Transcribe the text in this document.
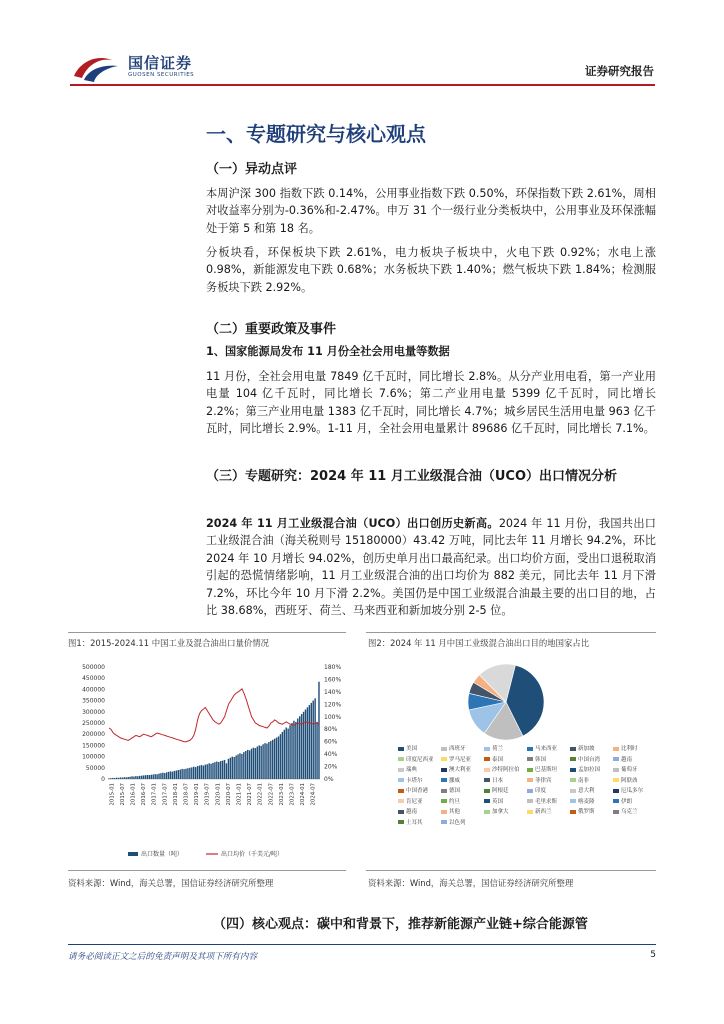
国信证券
GUOSEN SECURITIES	证券研究报告
一、专题研究与核心观点
（一）异动点评
本周沪深 300 指数下跌 0.14%，公用事业指数下跌 0.50%，环保指数下跌 2.61%，周相对收益率分别为-0.36%和-2.47%。申万 31 个一级行业分类板块中，公用事业及环保涨幅处于第 5 和第 18 名。
分板块看，环保板块下跌 2.61%，电力板块子板块中，火电下跌 0.92%；水电上涨 0.98%，新能源发电下跌 0.68%；水务板块下跌 1.40%；燃气板块下跌 1.84%；检测服务板块下跌 2.92%。
（二）重要政策及事件
1、国家能源局发布 11 月份全社会用电量等数据
11 月份，全社会用电量 7849 亿千瓦时，同比增长 2.8%。从分产业用电看，第一产业用电量 104 亿千瓦时，同比增长 7.6%；第二产业用电量 5399 亿千瓦时，同比增长 2.2%；第三产业用电量 1383 亿千瓦时，同比增长 4.7%；城乡居民生活用电量 963 亿千瓦时，同比增长 2.9%。1-11 月，全社会用电量累计 89686 亿千瓦时，同比增长 7.1%。
（三）专题研究：2024 年 11 月工业级混合油（UCO）出口情况分析
2024 年 11 月工业级混合油（UCO）出口创历史新高。2024 年 11 月份，我国共出口工业级混合油（海关税则号 15180000）43.42 万吨，同比去年 11 月增长 94.2%，环比 2024 年 10 月增长 94.02%，创历史单月出口最高纪录。出口均价方面，受出口退税取消引起的恐慌情绪影响，11 月工业级混合油的出口均价为 882 美元，同比去年 11 月下滑 7.2%，环比今年 10 月下滑 2.2%。美国仍是中国工业级混合油最主要的出口目的地，占比 38.68%，西班牙、荷兰、马来西亚和新加坡分别 2-5 位。
图1：2015-2024.11 中国工业及混合油出口量价情况	图2：2024 年 11 月中国工业级混合油出口目的地国家占比
0
50000
100000
150000
200000
250000
300000
350000
400000
450000
500000
0%
20%
40%
60%
80%
100%
120%
140%
160%
180%
2015-01 2015-07 2016-01 2016-07 2017-01 2017-07 2018-01 2018-07 2019-01 2019-07 2020-01 2020-07 2021-01 2021-07 2022-01 2022-07 2023-01 2023-07 2024-01 2024-07
出口数量（吨）	出口均价（千美元/吨）
美国	西班牙	荷兰	马来西亚	新加坡	比利时
印度尼西亚	罗马尼亚	泰国	韩国	中国台湾	越南
瑞典	澳大利亚	沙特阿拉伯	巴基斯坦	孟加拉国	葡萄牙
卡塔尔	挪威	日本	菲律宾	南非	阿联酋
中国香港	德国	阿根廷	印度	意大利	厄瓜多尔
肯尼亚	约旦	英国	毛里求斯	喀麦隆	伊朗
越南	其他	加拿大	新西兰	俄罗斯	乌克兰
土耳其	以色列
资料来源：Wind，海关总署，国信证券经济研究所整理	资料来源：Wind，海关总署，国信证券经济研究所整理
（四）核心观点：碳中和背景下，推荐新能源产业链+综合能源管
请务必阅读正文之后的免责声明及其项下所有内容	5
